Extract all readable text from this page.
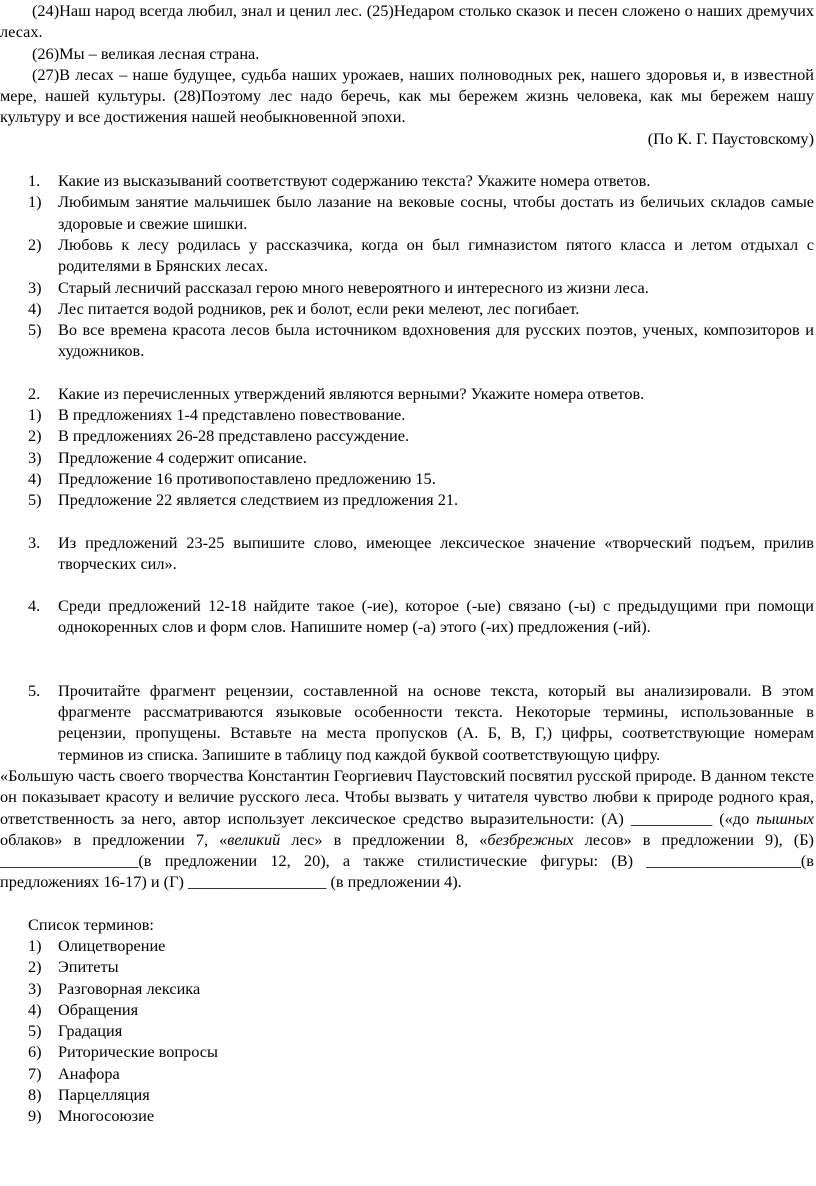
(24)Наш народ всегда любил, знал и ценил лес. (25)Недаром столько сказок и песен сложено о наших дремучих лесах.

(26)Мы – великая лесная страна.

(27)В лесах – наше будущее, судьба наших урожаев, наших полноводных рек, нашего здоровья и, в известной мере, нашей культуры. (28)Поэтому лес надо беречь, как мы бережем жизнь человека, как мы бережем нашу культуру и все достижения нашей необыкновенной эпохи.

(По К. Г. Паустовскому)

1.	Какие из высказываний соответствуют содержанию текста? Укажите номера ответов.
1)	Любимым занятие мальчишек было лазание на вековые сосны, чтобы достать из беличьих складов самые здоровые и свежие шишки.
2)	Любовь к лесу родилась у рассказчика, когда он был гимназистом пятого класса и летом отдыхал с родителями в Брянских лесах.
3)	Старый лесничий рассказал герою много невероятного и интересного из жизни леса.
4)	Лес питается водой родников, рек и болот, если реки мелеют, лес погибает.
5)	Во все времена красота лесов была источником вдохновения для русских поэтов, ученых, композиторов и художников.
2.	Какие из перечисленных утверждений являются верными? Укажите номера ответов.
1)	В предложениях 1-4 представлено повествование.
2)	В предложениях 26-28 представлено рассуждение.
3)	Предложение 4 содержит описание.
4)	Предложение 16 противопоставлено предложению 15.
5)	Предложение 22 является следствием из предложения 21.
3.	Из предложений 23-25 выпишите слово, имеющее лексическое значение «творческий подъем, прилив творческих сил».
4.	Среди предложений 12-18 найдите такое (-ие), которое (-ые) связано (-ы) с предыдущими при помощи однокоренных слов и форм слов. Напишите номер (-а) этого (-их) предложения (-ий).
5.	Прочитайте фрагмент рецензии, составленной на основе текста, который вы анализировали. В этом фрагменте рассматриваются языковые особенности текста. Некоторые термины, использованные в рецензии, пропущены. Вставьте на места пропусков (А. Б, В, Г,) цифры, соответствующие номерам терминов из списка. Запишите в таблицу под каждой буквой соответствующую цифру.

«Большую часть своего творчества Константин Георгиевич Паустовский посвятил русской природе. В данном тексте он показывает красоту и величие русского леса. Чтобы вызвать у читателя чувство любви к природе родного края, ответственность за него, автор использует лексическое средство выразительности: (А) __________ («до пышных облаков» в предложении 7, «великий лес» в предложении 8, «безбрежных лесов» в предложении 9), (Б) _________________(в предложении 12, 20), а также стилистические фигуры: (В) ___________________(в предложениях 16-17) и (Г) _________________ (в предложении 4).

Список терминов:

1)	Олицетворение
2)	Эпитеты
3)	Разговорная лексика
4)	Обращения
5)	Градация
6)	Риторические вопросы
7)	Анафора
8)	Парцелляция
9)	Многосоюзие
